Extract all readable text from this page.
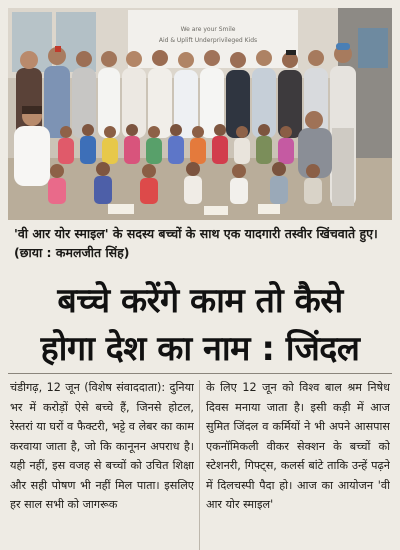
We are your Smile
Aid & Uplift Underprivileged Kids
'वी आर योर स्माइल' के सदस्य बच्चों के साथ एक यादगारी तस्वीर खिंचवाते हुए। (छाया : कमलजीत सिंह)
बच्चे करेंगे काम तो कैसे
होगा देश का नाम : जिंदल
चंडीगढ़, 12 जून (विशेष संवाददाता): दुनिया भर में करोड़ों ऐसे बच्चे हैं, जिनसे होटल, रेस्तरां या घरों व फैक्टरी, भट्टे व लेबर का काम करवाया जाता है, जो कि कानूनन अपराध है। यही नहीं, इस वजह से बच्चों को उचित शिक्षा और सही पोषण भी नहीं मिल पाता। इसलिए हर साल सभी को जागरूक
के लिए 12 जून को विश्व बाल श्रम निषेध दिवस मनाया जाता है। इसी कड़ी में आज सुमित जिंदल व कर्मियों ने भी अपने आसपास एकनॉमिकली वीकर सेक्शन के बच्चों को स्टेशनरी, गिफ्ट्स, कलर्स बांटे ताकि उन्हें पढ़ने में दिलचस्पी पैदा हो। आज का आयोजन 'वी आर योर स्माइल'
